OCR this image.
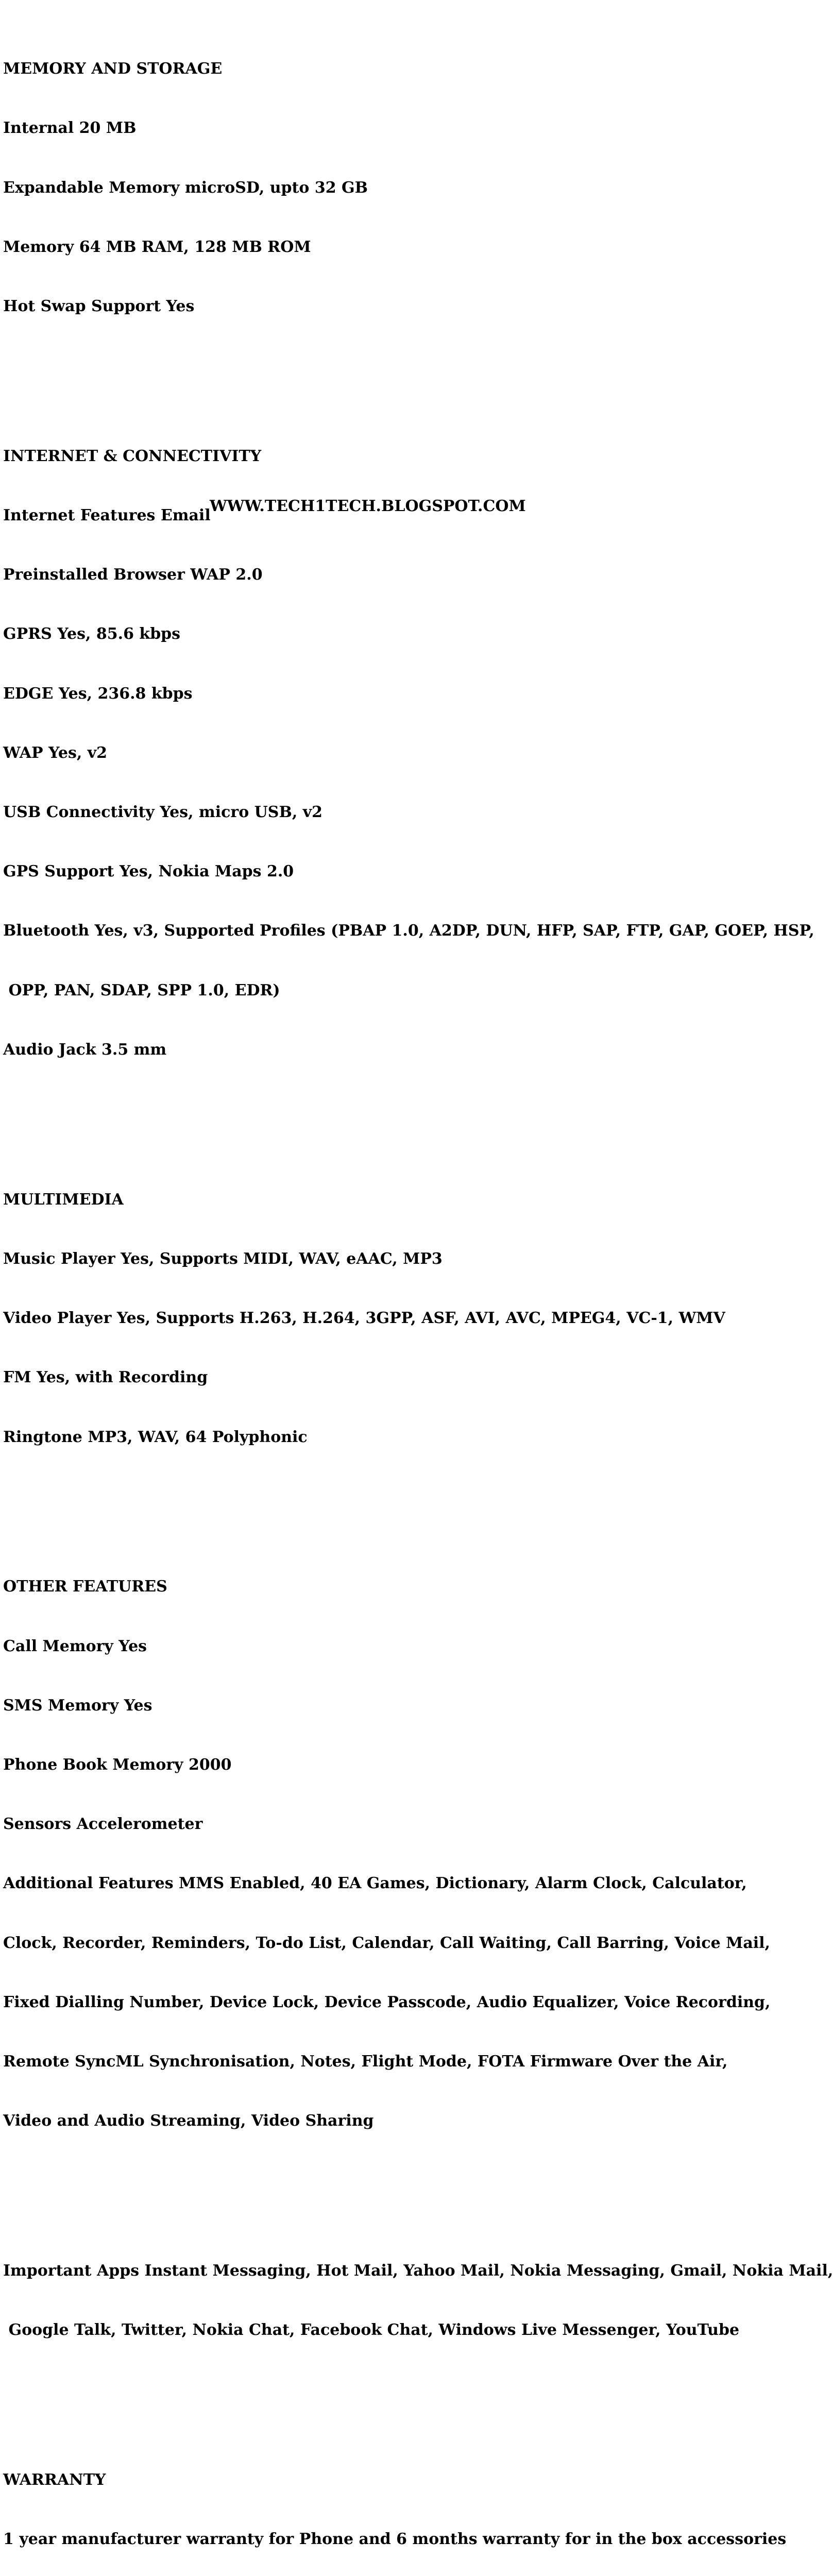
MEMORY AND STORAGE

Internal 20 MB

Expandable Memory microSD, upto 32 GB

Memory 64 MB RAM, 128 MB ROM

Hot Swap Support Yes

INTERNET & CONNECTIVITY

Internet Features Email

Preinstalled Browser WAP 2.0

GPRS Yes, 85.6 kbps

EDGE Yes, 236.8 kbps

WAP Yes, v2

USB Connectivity Yes, micro USB, v2

GPS Support Yes, Nokia Maps 2.0

Bluetooth Yes, v3, Supported Profiles (PBAP 1.0, A2DP, DUN, HFP, SAP, FTP, GAP, GOEP, HSP,

OPP, PAN, SDAP, SPP 1.0, EDR)

Audio Jack 3.5 mm

MULTIMEDIA

Music Player Yes, Supports MIDI, WAV, eAAC, MP3

Video Player Yes, Supports H.263, H.264, 3GPP, ASF, AVI, AVC, MPEG4, VC-1, WMV

FM Yes, with Recording

Ringtone MP3, WAV, 64 Polyphonic

OTHER FEATURES

Call Memory Yes

SMS Memory Yes

Phone Book Memory 2000

Sensors Accelerometer

Additional Features MMS Enabled, 40 EA Games, Dictionary, Alarm Clock, Calculator,

Clock, Recorder, Reminders, To-do List, Calendar, Call Waiting, Call Barring, Voice Mail,

Fixed Dialling Number, Device Lock, Device Passcode, Audio Equalizer, Voice Recording,

Remote SyncML Synchronisation, Notes, Flight Mode, FOTA Firmware Over the Air,

Video and Audio Streaming, Video Sharing

Important Apps Instant Messaging, Hot Mail, Yahoo Mail, Nokia Messaging, Gmail, Nokia Mail,

Google Talk, Twitter, Nokia Chat, Facebook Chat, Windows Live Messenger, YouTube

WARRANTY

1 year manufacturer warranty for Phone and 6 months warranty for in the box accessories

WWW.TECH1TECH.BLOGSPOT.COM
